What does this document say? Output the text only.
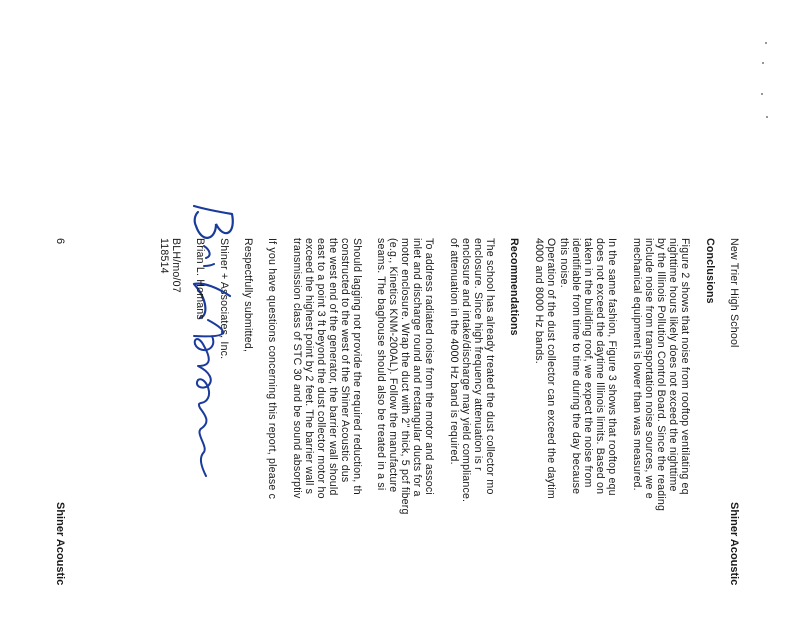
New Trier High School
Shiner Acoustic
Conclusions
Figure 2 shows that noise from rooftop ventilating eq
nighttime hours likely does not exceed the nighttime
by the Illinois Pollution Control Board. Since the reading
include noise from transportation noise sources, we e
mechanical equipment is lower than was measured.
In the same fashion, Figure 3 shows that rooftop equ
does not exceed the daytime Illinois limits. Based on
taken in the building roof, we expect the noise from
identifiable from time to time during the day because
this noise.
Operation of the dust collector can exceed the daytim
4000 and 8000 Hz bands.
Recommendations
The school has already treated the dust collector mo
enclosure. Since high frequency attenuation is r
enclosure and intake/discharge may yield compliance.
of attenuation in the 4000 Hz band is required.
To address radiated noise from the motor and associ
inlet and discharge round and rectangular ducts for a
motor enclosure. Wrap the duct with 2" thick, 5 pcf fiberg
(e.g., Kinetics KNM-200AL). Follow the manufacture
seams. The baghouse should also be treated in a si
Should lagging not provide the required reduction, th
constructed to the west of the Shiner Acoustic dus
the west end of the generator, the barrier wall should
east to a point 3 ft beyond the dust collector motor ho
exceed the highest point by 2 feet. The barrier wall s
transmission class of STC 30 and be sound absorptiv
If you have questions concerning this report, please c
Respectfully submitted,
Shiner + Associates, Inc.
Brian L. Homans
BLH/mo/07
118514
6
Shiner Acoustic
